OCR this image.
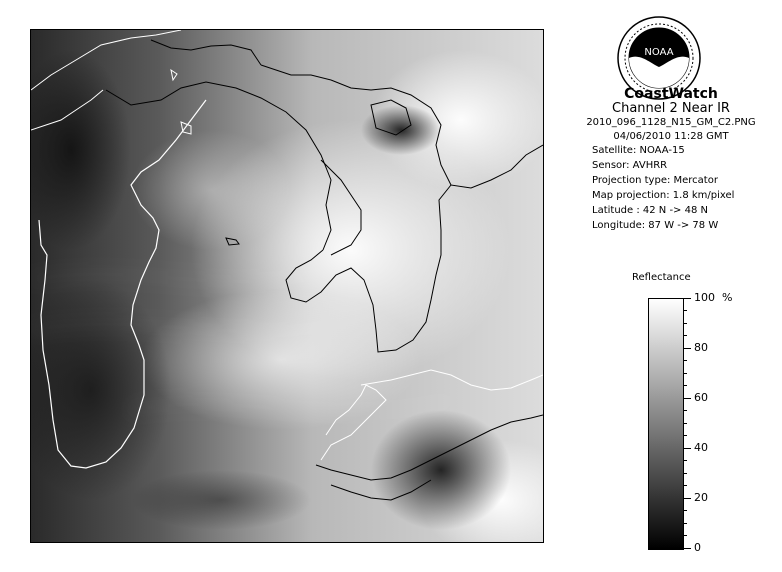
NOAA
CoastWatch
Channel 2 Near IR
2010_096_1128_N15_GM_C2.PNG
04/06/2010 11:28 GMT
Satellite: NOAA-15
Sensor: AVHRR
Projection type: Mercator
Map projection: 1.8 km/pixel
Latitude : 42 N -> 48 N
Longitude: 87 W -> 78 W
Reflectance
%
100
80
60
40
20
0
